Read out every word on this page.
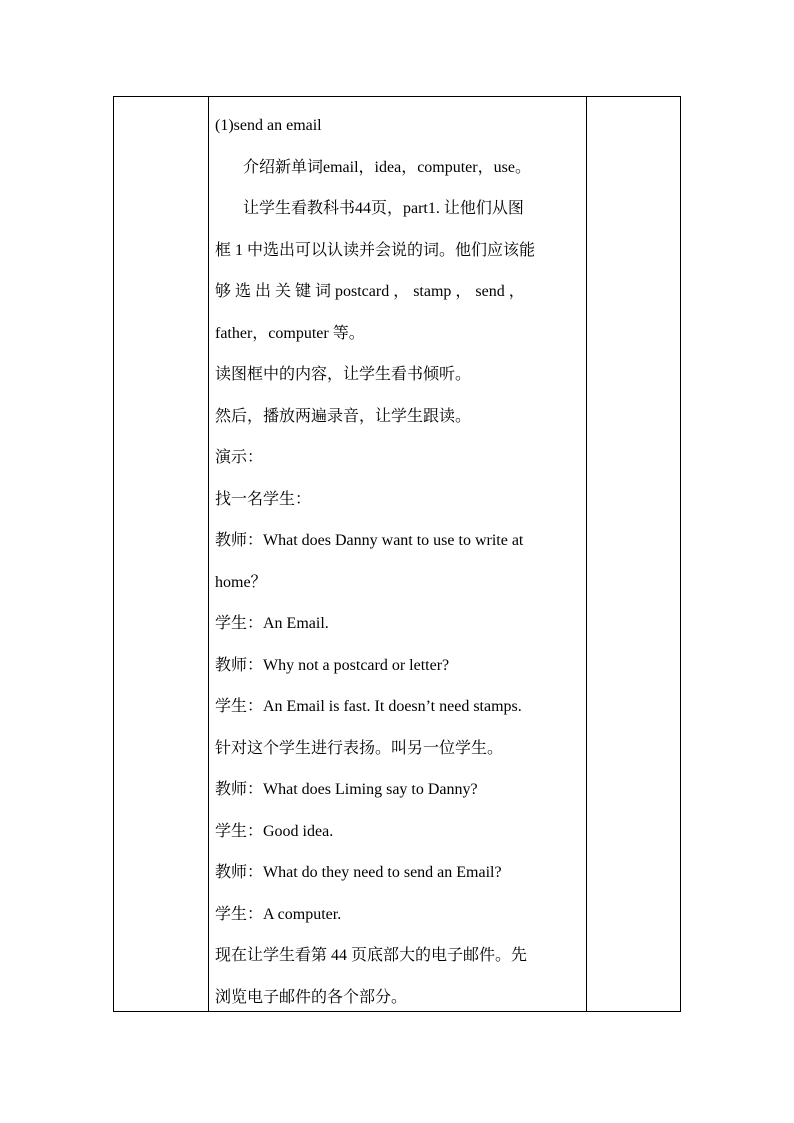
(1)send an email
介绍新单词email，idea，computer，use。
让学生看教科书44页，part1. 让他们从图
框 1 中选出可以认读并会说的词。他们应该能
够 选 出 关 键 词 postcard ， stamp ， send ，
father，computer 等。
读图框中的内容，让学生看书倾听。
然后，播放两遍录音，让学生跟读。
演示：
找一名学生：
教师：What does Danny want to use to write at
home？
学生：An Email.
教师：Why not a postcard or letter?
学生：An Email is fast. It doesn’t need stamps.
针对这个学生进行表扬。叫另一位学生。
教师：What does Liming say to Danny?
学生：Good idea.
教师：What do they need to send an Email?
学生：A computer.
现在让学生看第 44 页底部大的电子邮件。先
浏览电子邮件的各个部分。
